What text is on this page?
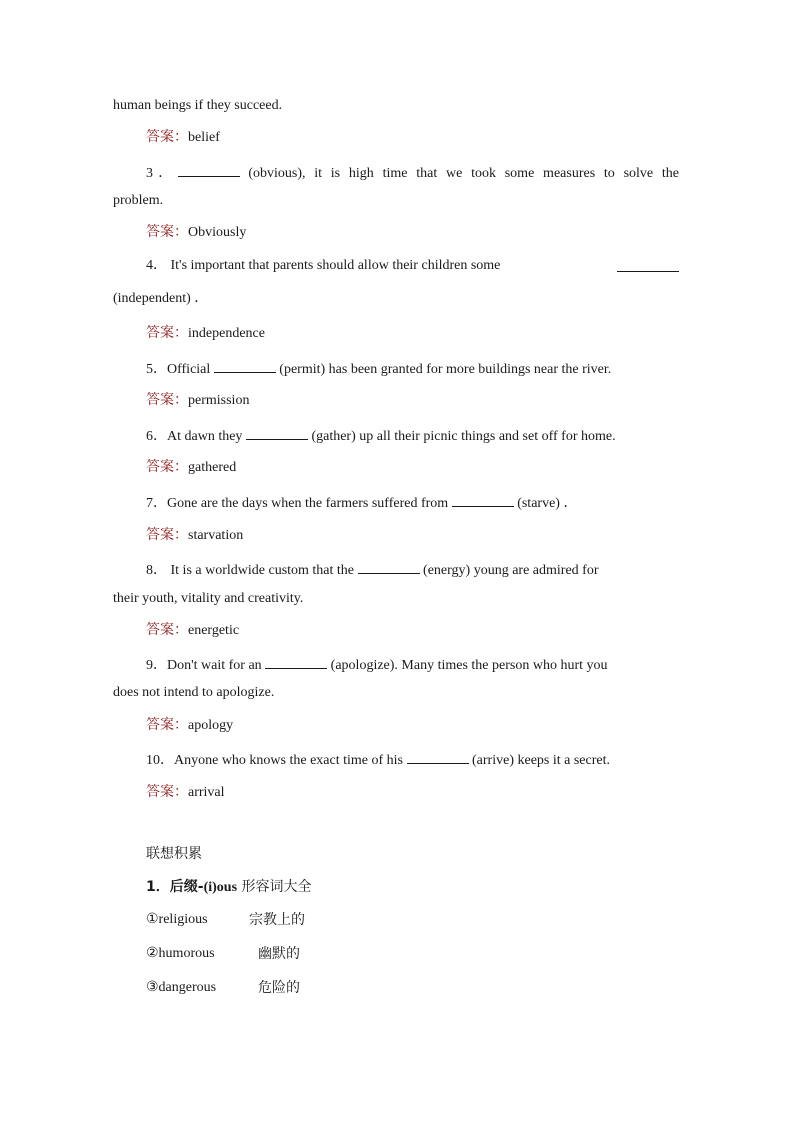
human beings if they succeed.
答案：belief
3．	(obvious), it is high time that we took some measures to solve the
problem.
答案：Obviously
4． It's important that parents should allow their children some
(independent) ．
答案：independence
5．Official	(permit) has been granted for more buildings near the river.
答案：permission
6．At dawn they	(gather) up all their picnic things and set off for home.
答案：gathered
7．Gone are the days when the farmers suffered from	(starve) ．
答案：starvation
8． It is a worldwide custom that the	(energy) young are admired for
their youth, vitality and creativity.
答案：energetic
9．Don't wait for an	(apologize). Many times the person who hurt you
does not intend to apologize.
答案：apology
10．Anyone who knows the exact time of his	(arrive) keeps it a secret.
答案：arrival
联想积累
1．后缀-(i)ous 形容词大全
①religious	宗教上的
②humorous	幽默的
③dangerous	危险的
